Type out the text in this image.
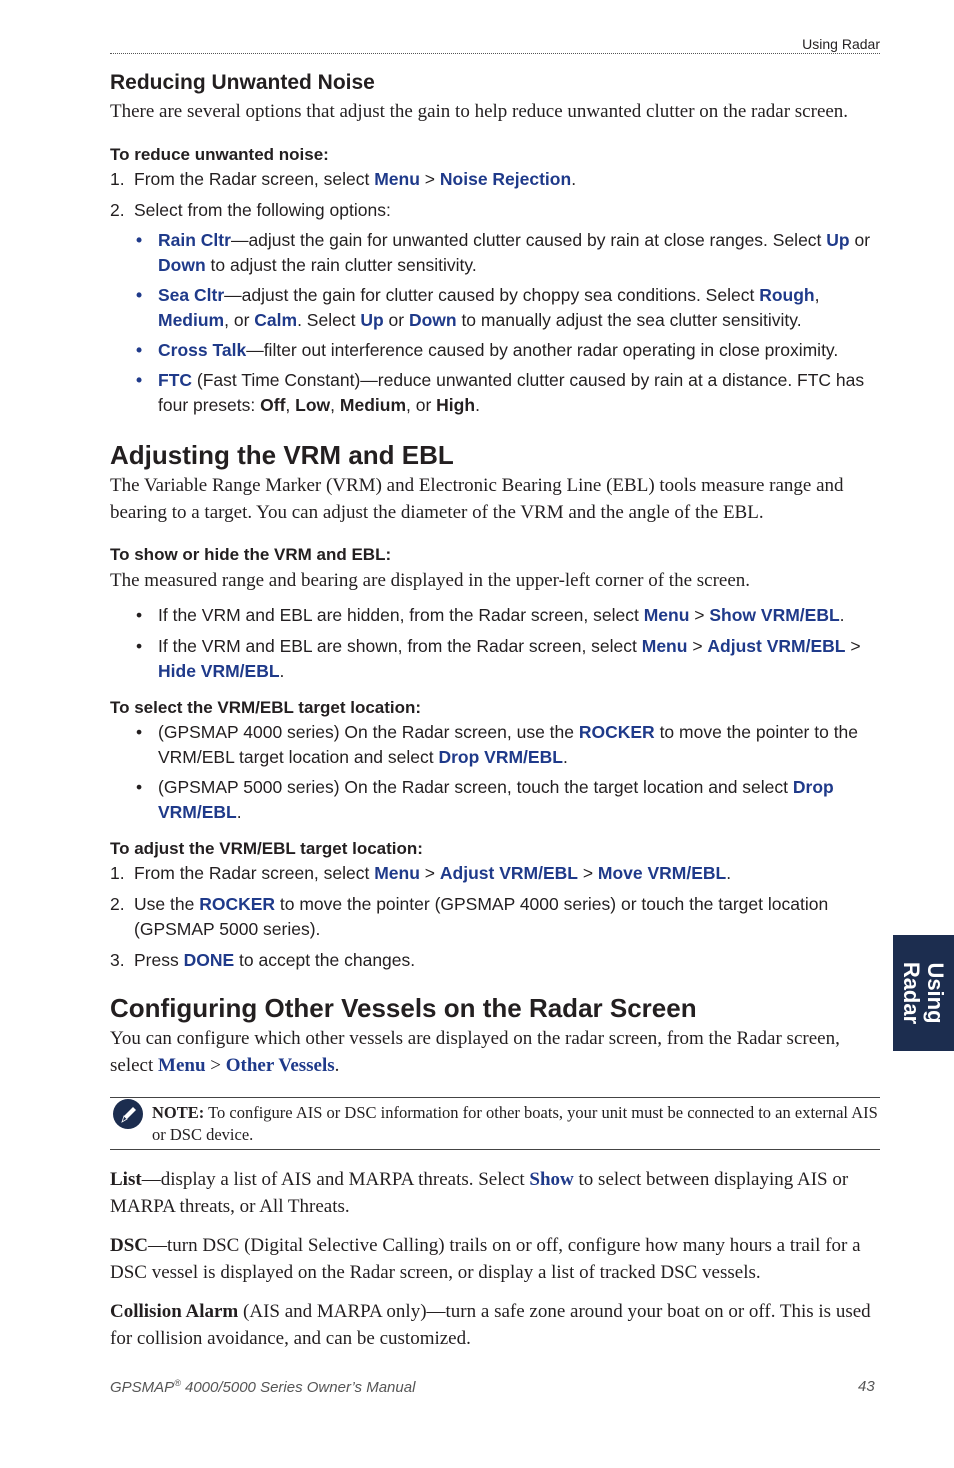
Using Radar
Using
Radar
Reducing Unwanted Noise

There are several options that adjust the gain to help reduce unwanted clutter on the radar screen.

To reduce unwanted noise:

1. From the Radar screen, select Menu > Noise Rejection.
2. Select from the following options:
• Rain Cltr—adjust the gain for unwanted clutter caused by rain at close ranges. Select Up or Down to adjust the rain clutter sensitivity.
• Sea Cltr—adjust the gain for clutter caused by choppy sea conditions. Select Rough, Medium, or Calm. Select Up or Down to manually adjust the sea clutter sensitivity.
• Cross Talk—filter out interference caused by another radar operating in close proximity.
• FTC (Fast Time Constant)—reduce unwanted clutter caused by rain at a distance. FTC has four presets: Off, Low, Medium, or High.
Adjusting the VRM and EBL

The Variable Range Marker (VRM) and Electronic Bearing Line (EBL) tools measure range and bearing to a target. You can adjust the diameter of the VRM and the angle of the EBL.

To show or hide the VRM and EBL:

The measured range and bearing are displayed in the upper-left corner of the screen.

• If the VRM and EBL are hidden, from the Radar screen, select Menu > Show VRM/EBL.
• If the VRM and EBL are shown, from the Radar screen, select Menu > Adjust VRM/EBL > Hide VRM/EBL.

To select the VRM/EBL target location:

• (GPSMAP 4000 series) On the Radar screen, use the ROCKER to move the pointer to the VRM/EBL target location and select Drop VRM/EBL.
• (GPSMAP 5000 series) On the Radar screen, touch the target location and select Drop VRM/EBL.

To adjust the VRM/EBL target location:

1. From the Radar screen, select Menu > Adjust VRM/EBL > Move VRM/EBL.
2. Use the ROCKER to move the pointer (GPSMAP 4000 series) or touch the target location (GPSMAP 5000 series).
3. Press DONE to accept the changes.
Configuring Other Vessels on the Radar Screen

You can configure which other vessels are displayed on the radar screen, from the Radar screen, select Menu > Other Vessels.

NOTE: To configure AIS or DSC information for other boats, your unit must be connected to an external AIS or DSC device.

List—display a list of AIS and MARPA threats. Select Show to select between displaying AIS or MARPA threats, or All Threats.

DSC—turn DSC (Digital Selective Calling) trails on or off, configure how many hours a trail for a DSC vessel is displayed on the Radar screen, or display a list of tracked DSC vessels.

Collision Alarm (AIS and MARPA only)—turn a safe zone around your boat on or off. This is used for collision avoidance, and can be customized.

GPSMAP® 4000/5000 Series Owner’s Manual	43
